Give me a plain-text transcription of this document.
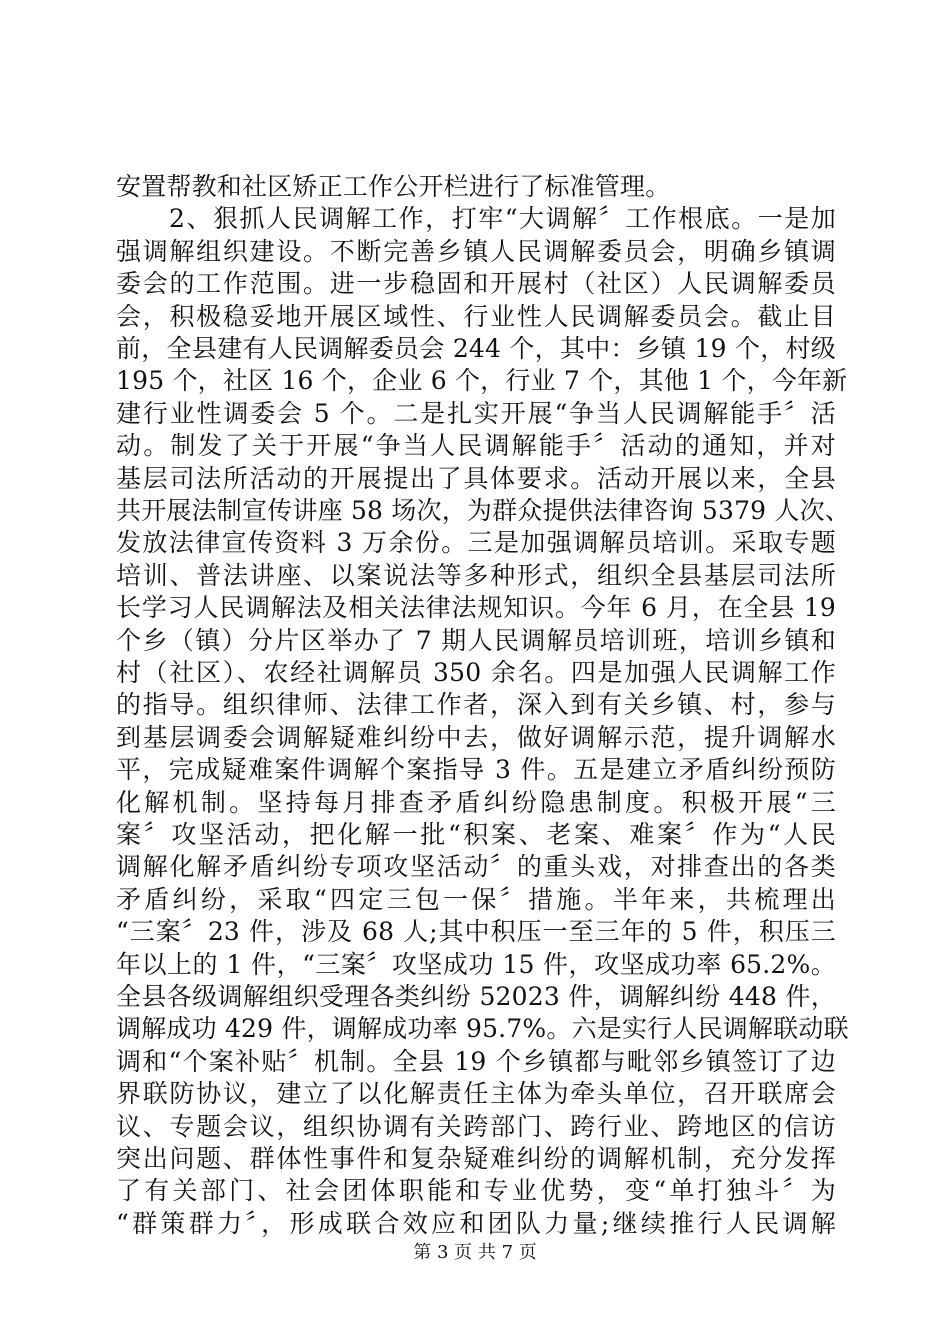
安置帮教和社区矫正工作公开栏进行了标准管理。
　　2、狠抓人民调解工作，打牢“大调解〞工作根底。一是加
强调解组织建设。不断完善乡镇人民调解委员会，明确乡镇调
委会的工作范围。进一步稳固和开展村（社区）人民调解委员
会，积极稳妥地开展区域性、行业性人民调解委员会。截止目
前，全县建有人民调解委员会 244 个，其中：乡镇 19 个，村级
195 个，社区 16 个，企业 6 个，行业 7 个，其他 1 个，今年新
建行业性调委会 5 个。二是扎实开展“争当人民调解能手〞活
动。制发了关于开展“争当人民调解能手〞活动的通知，并对
基层司法所活动的开展提出了具体要求。活动开展以来，全县
共开展法制宣传讲座 58 场次，为群众提供法律咨询 5379 人次、
发放法律宣传资料 3 万余份。三是加强调解员培训。采取专题
培训、普法讲座、以案说法等多种形式，组织全县基层司法所
长学习人民调解法及相关法律法规知识。今年 6 月，在全县 19
个乡（镇）分片区举办了 7 期人民调解员培训班，培训乡镇和
村（社区）、农经社调解员 350 余名。四是加强人民调解工作
的指导。组织律师、法律工作者，深入到有关乡镇、村，参与
到基层调委会调解疑难纠纷中去，做好调解示范，提升调解水
平，完成疑难案件调解个案指导 3 件。五是建立矛盾纠纷预防
化解机制。坚持每月排查矛盾纠纷隐患制度。积极开展“三
案〞攻坚活动，把化解一批“积案、老案、难案〞作为“人民
调解化解矛盾纠纷专项攻坚活动〞的重头戏，对排查出的各类
矛盾纠纷，采取“四定三包一保〞措施。半年来，共梳理出
“三案〞23 件，涉及 68 人;其中积压一至三年的 5 件，积压三
年以上的 1 件，“三案〞攻坚成功 15 件，攻坚成功率 65.2%。
全县各级调解组织受理各类纠纷 52023 件，调解纠纷 448 件，
调解成功 429 件，调解成功率 95.7%。六是实行人民调解联动联
调和“个案补贴〞机制。全县 19 个乡镇都与毗邻乡镇签订了边
界联防协议，建立了以化解责任主体为牵头单位，召开联席会
议、专题会议，组织协调有关跨部门、跨行业、跨地区的信访
突出问题、群体性事件和复杂疑难纠纷的调解机制，充分发挥
了有关部门、社会团体职能和专业优势，变“单打独斗〞为
“群策群力〞，形成联合效应和团队力量;继续推行人民调解
第 3 页 共 7 页
